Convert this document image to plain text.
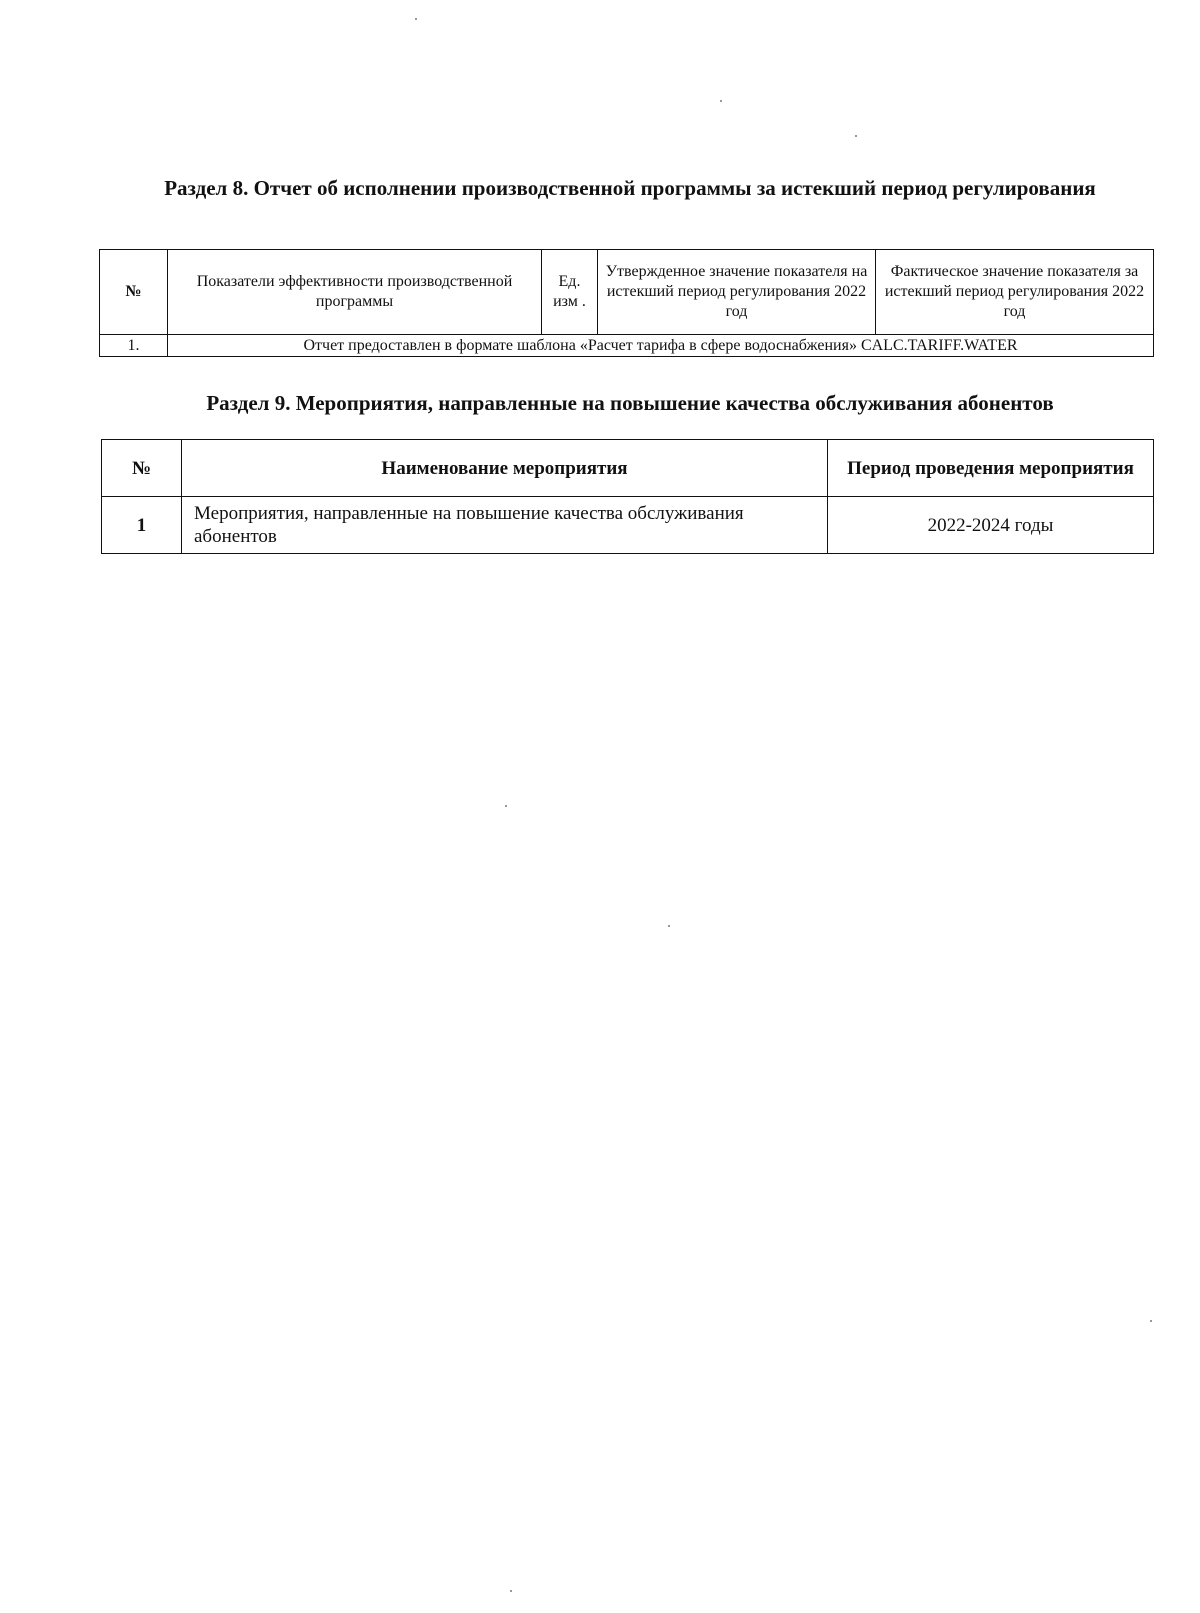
Раздел 8. Отчет об исполнении производственной программы за истекший период регулирования
№	Показатели эффективности производственной программы	Ед. изм .	Утвержденное значение показателя на истекший период регулирования 2022 год	Фактическое значение показателя за истекший период регулирования 2022 год
1.	Отчет предоставлен в формате шаблона «Расчет тарифа в сфере водоснабжения» CALC.TARIFF.WATER			
Раздел 9. Мероприятия, направленные на повышение качества обслуживания абонентов
№	Наименование мероприятия	Период проведения мероприятия
1	Мероприятия, направленные на повышение качества обслуживания абонентов	2022-2024 годы
